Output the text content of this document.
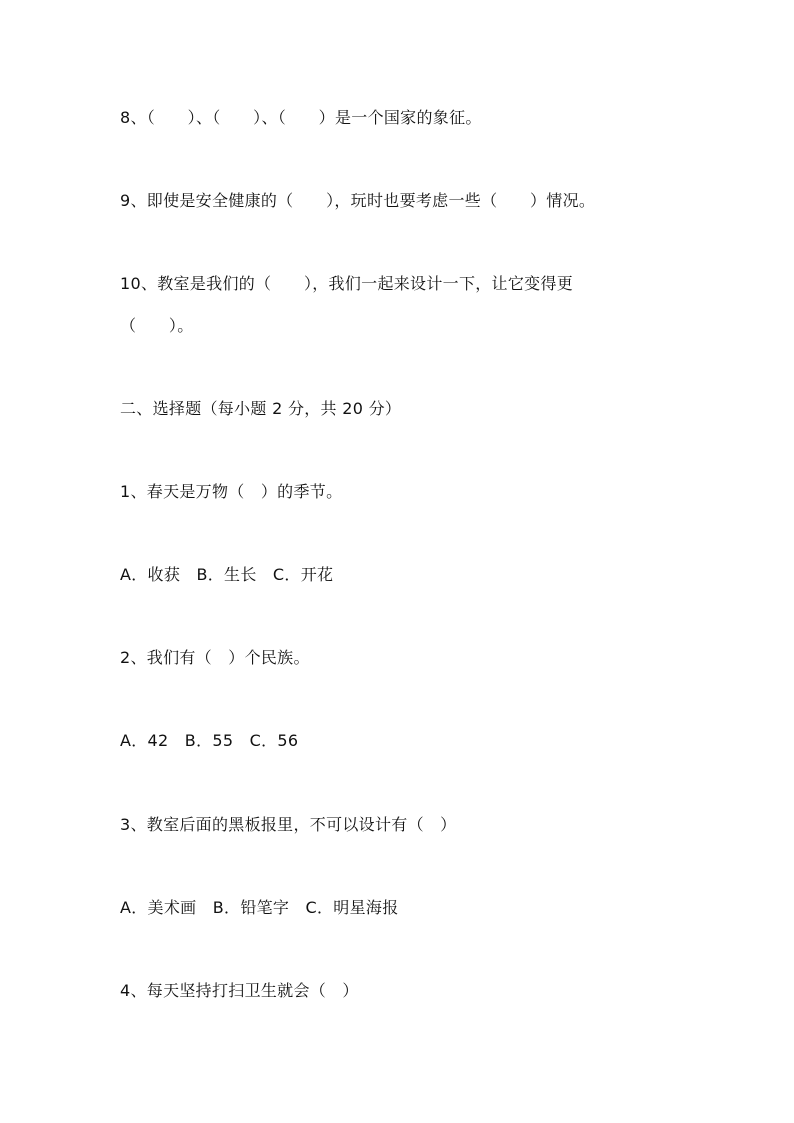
8、（　　）、（　　）、（　　）是一个国家的象征。
9、即使是安全健康的（　　），玩时也要考虑一些（　　）情况。
10、教室是我们的（　　），我们一起来设计一下，让它变得更
（　　）。
二、选择题（每小题 2 分，共 20 分）
1、春天是万物（　）的季节。
A．收获　B．生长　C．开花
2、我们有（　）个民族。
A．42　B．55　C．56
3、教室后面的黑板报里，不可以设计有（　）
A．美术画　B．铅笔字　C．明星海报
4、每天坚持打扫卫生就会（　）
